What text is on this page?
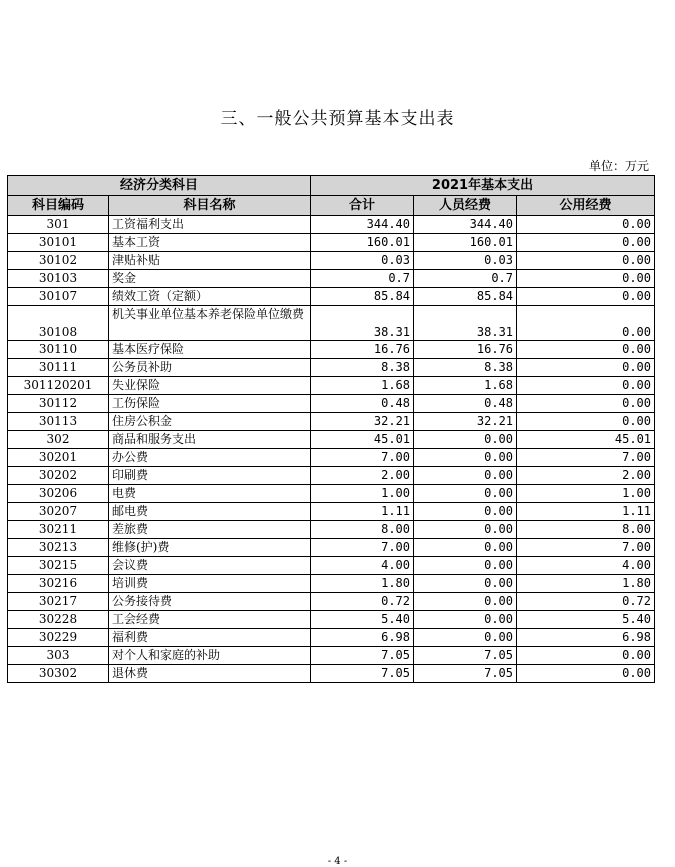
三、一般公共预算基本支出表
单位：万元
经济分类科目		2021年基本支出		
科目编码	科目名称	合计	人员经费	公用经费
301	工资福利支出	344.40	344.40	0.00
30101	基本工资	160.01	160.01	0.00
30102	津贴补贴	0.03	0.03	0.00
30103	奖金	0.7	0.7	0.00
30107	绩效工资（定额）	85.84	85.84	0.00
30108	机关事业单位基本养老保险单位缴费	38.31	38.31	0.00
30110	基本医疗保险	16.76	16.76	0.00
30111	公务员补助	8.38	8.38	0.00
301120201	失业保险	1.68	1.68	0.00
30112	工伤保险	0.48	0.48	0.00
30113	住房公积金	32.21	32.21	0.00
302	商品和服务支出	45.01	0.00	45.01
30201	办公费	7.00	0.00	7.00
30202	印刷费	2.00	0.00	2.00
30206	电费	1.00	0.00	1.00
30207	邮电费	1.11	0.00	1.11
30211	差旅费	8.00	0.00	8.00
30213	维修(护)费	7.00	0.00	7.00
30215	会议费	4.00	0.00	4.00
30216	培训费	1.80	0.00	1.80
30217	公务接待费	0.72	0.00	0.72
30228	工会经费	5.40	0.00	5.40
30229	福利费	6.98	0.00	6.98
303	对个人和家庭的补助	7.05	7.05	0.00
30302	退休费	7.05	7.05	0.00
- 4 -
